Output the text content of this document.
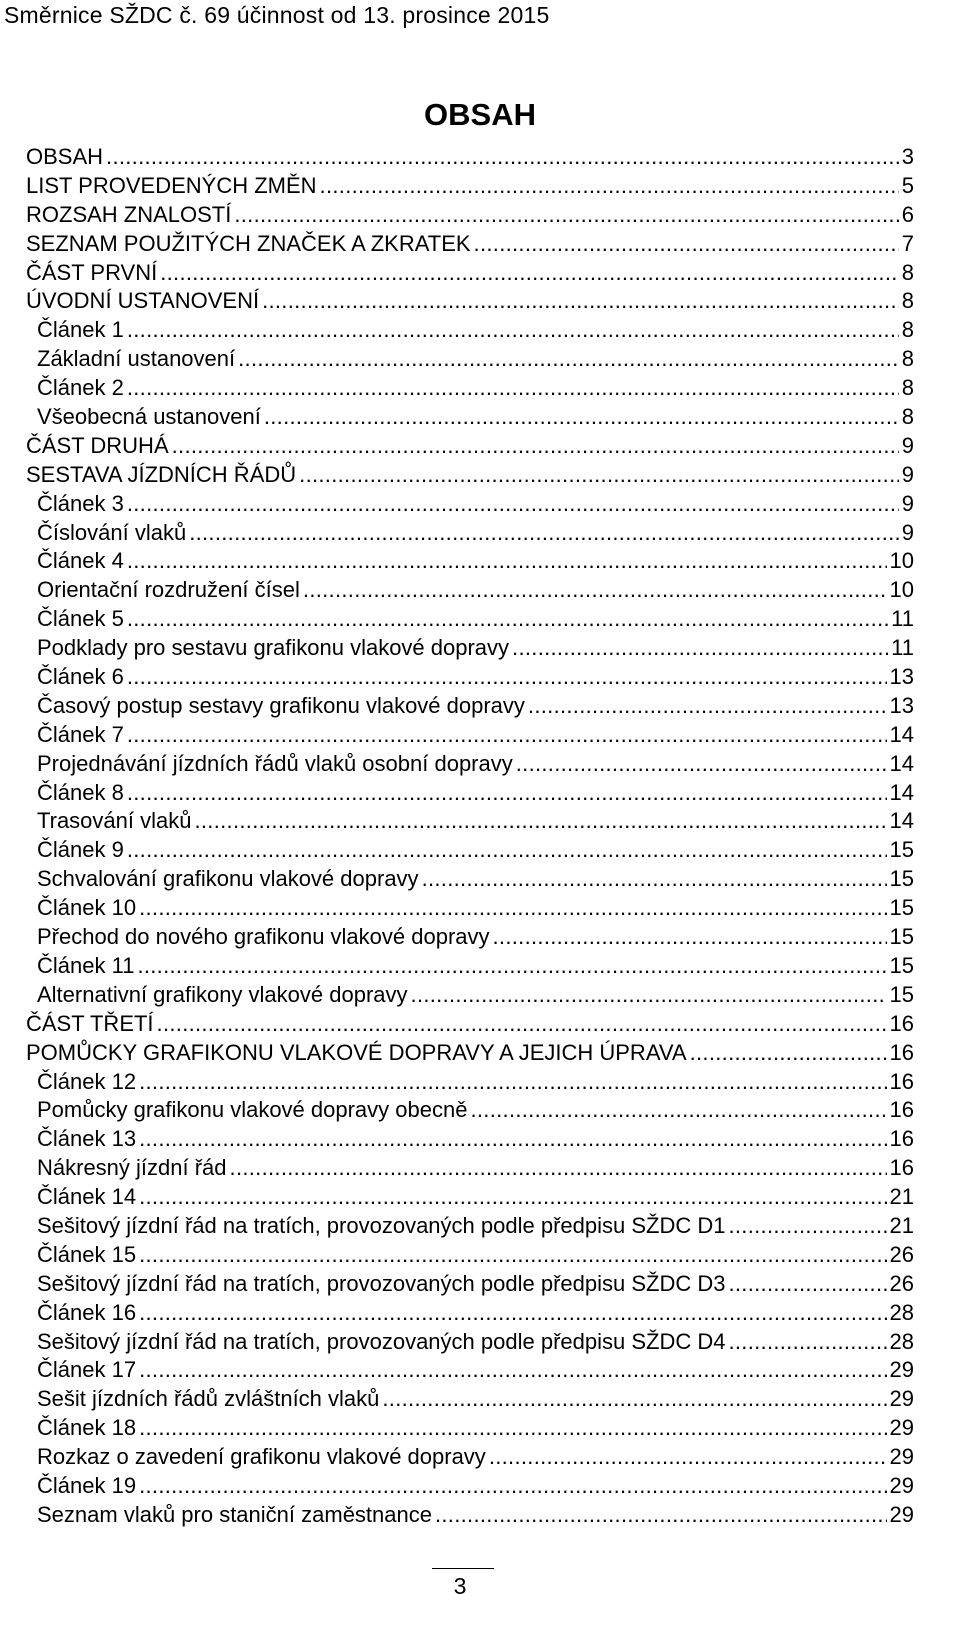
Směrnice SŽDC č. 69 účinnost od 13. prosince 2015
OBSAH
OBSAH .....	3
LIST PROVEDENÝCH ZMĚN .....	5
ROZSAH ZNALOSTÍ .....	6
SEZNAM POUŽITÝCH ZNAČEK A ZKRATEK .....	7
ČÁST PRVNÍ .....	8
ÚVODNÍ USTANOVENÍ .....	8
Článek 1 .....	8
Základní ustanovení .....	8
Článek 2 .....	8
Všeobecná ustanovení .....	8
ČÁST DRUHÁ .....	9
SESTAVA JÍZDNÍCH ŘÁDŮ .....	9
Článek 3 .....	9
Číslování vlaků .....	9
Článek 4 .....	10
Orientační rozdružení čísel .....	10
Článek 5 .....	11
Podklady pro sestavu grafikonu vlakové dopravy .....	11
Článek 6 .....	13
Časový postup sestavy grafikonu vlakové dopravy .....	13
Článek 7 .....	14
Projednávání jízdních řádů vlaků osobní dopravy .....	14
Článek 8 .....	14
Trasování vlaků .....	14
Článek 9 .....	15
Schvalování grafikonu vlakové dopravy .....	15
Článek 10 .....	15
Přechod do nového grafikonu vlakové dopravy .....	15
Článek 11 .....	15
Alternativní grafikony vlakové dopravy .....	15
ČÁST TŘETÍ .....	16
POMŮCKY GRAFIKONU VLAKOVÉ DOPRAVY A JEJICH ÚPRAVA .....	16
Článek 12 .....	16
Pomůcky grafikonu vlakové dopravy obecně .....	16
Článek 13 .....	16
Nákresný jízdní řád .....	16
Článek 14 .....	21
Sešitový jízdní řád na tratích, provozovaných podle předpisu SŽDC D1 .....	21
Článek 15 .....	26
Sešitový jízdní řád na tratích, provozovaných podle předpisu SŽDC D3 .....	26
Článek 16 .....	28
Sešitový jízdní řád na tratích, provozovaných podle předpisu SŽDC D4 .....	28
Článek 17 .....	29
Sešit jízdních řádů zvláštních vlaků .....	29
Článek 18 .....	29
Rozkaz o zavedení grafikonu vlakové dopravy .....	29
Článek 19 .....	29
Seznam vlaků pro staniční zaměstnance .....	29
3
